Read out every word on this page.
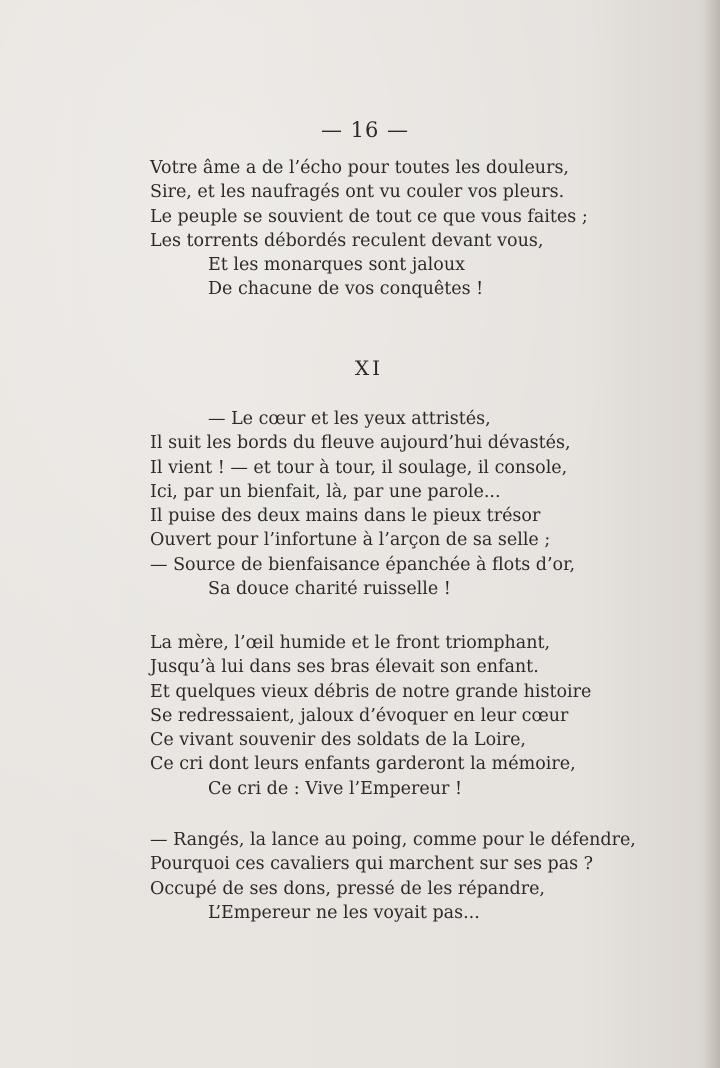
— 16 —
Votre âme a de l’écho pour toutes les douleurs,
Sire, et les naufragés ont vu couler vos pleurs.
Le peuple se souvient de tout ce que vous faites ;
Les torrents débordés reculent devant vous,
Et les monarques sont jaloux
De chacune de vos conquêtes !
XI
— Le cœur et les yeux attristés,
Il suit les bords du fleuve aujourd’hui dévastés,
Il vient ! — et tour à tour, il soulage, il console,
Ici, par un bienfait, là, par une parole...
Il puise des deux mains dans le pieux trésor
Ouvert pour l’infortune à l’arçon de sa selle ;
— Source de bienfaisance épanchée à flots d’or,
Sa douce charité ruisselle !
La mère, l’œil humide et le front triomphant,
Jusqu’à lui dans ses bras élevait son enfant.
Et quelques vieux débris de notre grande histoire
Se redressaient, jaloux d’évoquer en leur cœur
Ce vivant souvenir des soldats de la Loire,
Ce cri dont leurs enfants garderont la mémoire,
Ce cri de : Vive l’Empereur !
— Rangés, la lance au poing, comme pour le défendre,
Pourquoi ces cavaliers qui marchent sur ses pas ?
Occupé de ses dons, pressé de les répandre,
L’Empereur ne les voyait pas...
